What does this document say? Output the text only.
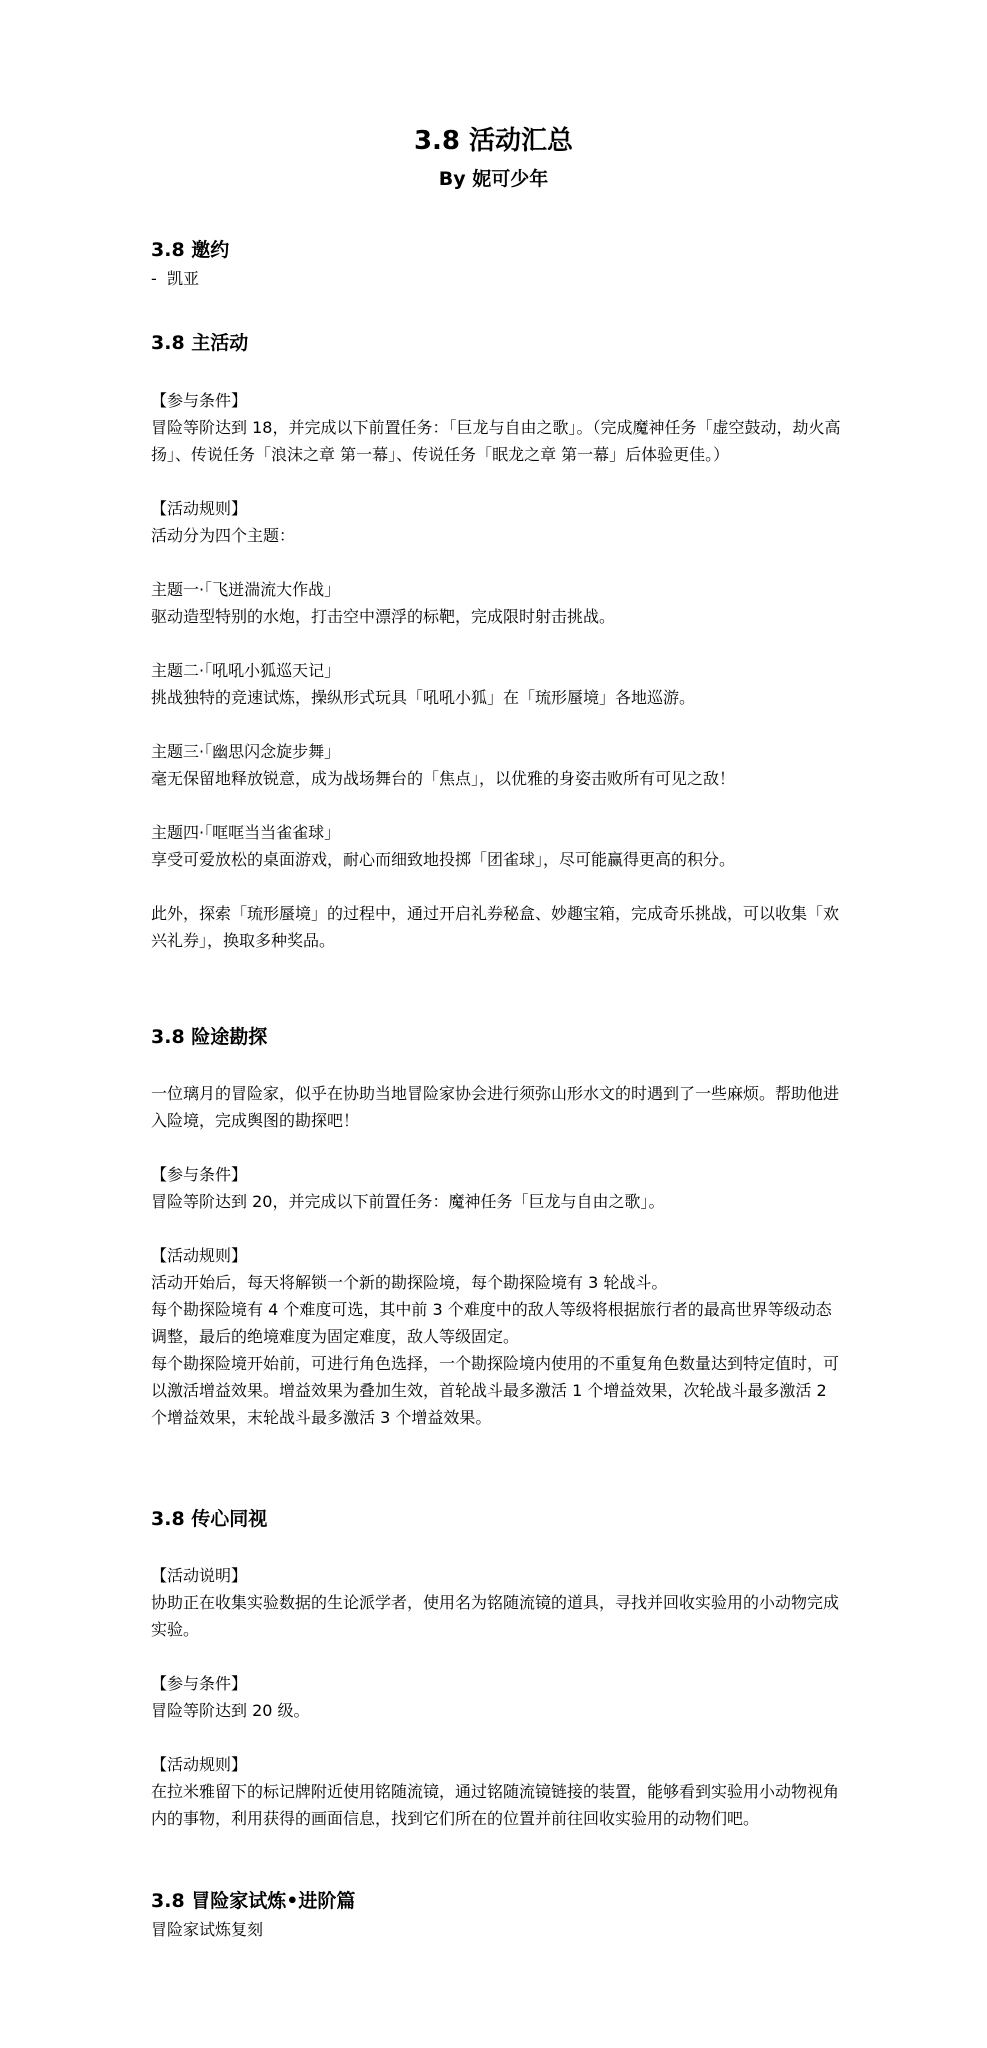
3.8 活动汇总
By 妮可少年

3.8 邀约

-  凯亚

3.8 主活动

【参与条件】

冒险等阶达到 18，并完成以下前置任务：「巨龙与自由之歌」。（完成魔神任务「虚空鼓动，劫火高扬」、传说任务「浪沫之章 第一幕」、传说任务「眠龙之章 第一幕」后体验更佳。）

【活动规则】

活动分为四个主题：

主题一·「飞迸湍流大作战」

驱动造型特别的水炮，打击空中漂浮的标靶，完成限时射击挑战。

主题二·「吼吼小狐巡天记」

挑战独特的竞速试炼，操纵形式玩具「吼吼小狐」在「琉形蜃境」各地巡游。

主题三·「幽思闪念旋步舞」

毫无保留地释放锐意，成为战场舞台的「焦点」，以优雅的身姿击败所有可见之敌！

主题四·「哐哐当当雀雀球」

享受可爱放松的桌面游戏，耐心而细致地投掷「团雀球」，尽可能赢得更高的积分。

此外，探索「琉形蜃境」的过程中，通过开启礼券秘盒、妙趣宝箱，完成奇乐挑战，可以收集「欢兴礼券」，换取多种奖品。

3.8 险途勘探

一位璃月的冒险家，似乎在协助当地冒险家协会进行须弥山形水文的时遇到了一些麻烦。帮助他进入险境，完成舆图的勘探吧！

【参与条件】

冒险等阶达到 20，并完成以下前置任务：魔神任务「巨龙与自由之歌」。

【活动规则】

活动开始后，每天将解锁一个新的勘探险境，每个勘探险境有 3 轮战斗。

每个勘探险境有 4 个难度可选，其中前 3 个难度中的敌人等级将根据旅行者的最高世界等级动态调整，最后的绝境难度为固定难度，敌人等级固定。

每个勘探险境开始前，可进行角色选择，一个勘探险境内使用的不重复角色数量达到特定值时，可以激活增益效果。增益效果为叠加生效，首轮战斗最多激活 1 个增益效果，次轮战斗最多激活 2 个增益效果，末轮战斗最多激活 3 个增益效果。

3.8 传心同视

【活动说明】

协助正在收集实验数据的生论派学者，使用名为铭随流镜的道具，寻找并回收实验用的小动物完成实验。

【参与条件】

冒险等阶达到 20 级。

【活动规则】

在拉米雅留下的标记牌附近使用铭随流镜，通过铭随流镜链接的装置，能够看到实验用小动物视角内的事物，利用获得的画面信息，找到它们所在的位置并前往回收实验用的动物们吧。

3.8 冒险家试炼•进阶篇

冒险家试炼复刻
